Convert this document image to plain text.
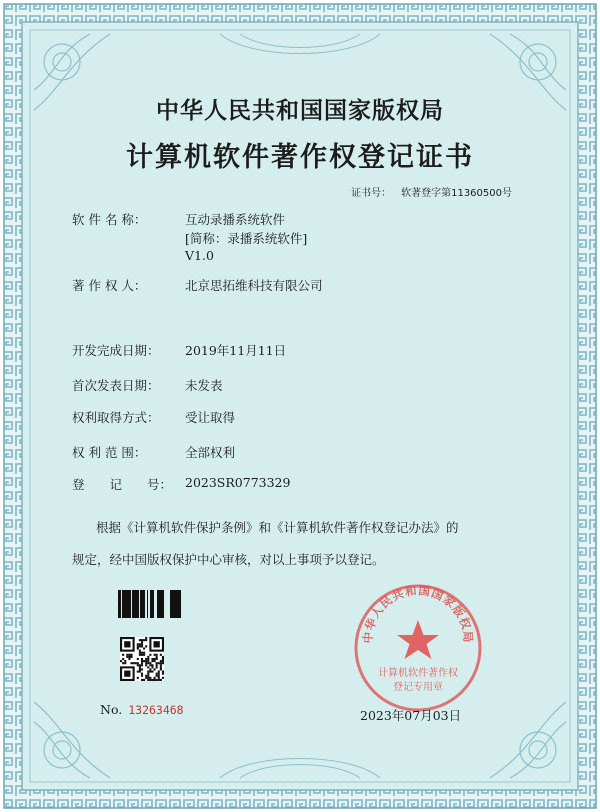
中华人民共和国国家版权局
计算机软件著作权登记证书
证书号： 软著登字第11360500号
软 件 名 称：	互动录播系统软件
[简称：录播系统软件]
V1.0
著 作 权 人：	北京思拓维科技有限公司
开发完成日期： 2019年11月11日
首次发表日期： 未发表
权利取得方式： 受让取得
权 利 范 围：	全部权利
登　　记　　号： 2023SR0773329
根据《计算机软件保护条例》和《计算机软件著作权登记办法》的
规定，经中国版权保护中心审核，对以上事项予以登记。
No. 13263468
中华人民共和国国家版权局
计算机软件著作权
登记专用章
2023年07月03日
